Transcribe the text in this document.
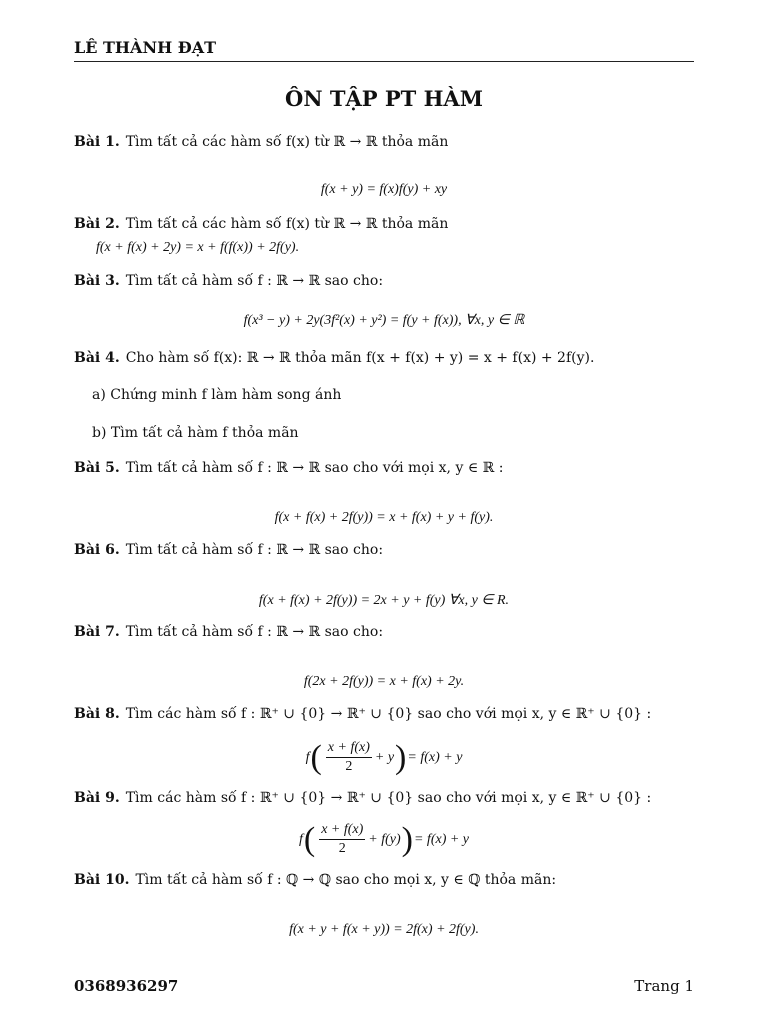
LÊ THÀNH ĐẠT
ÔN TẬP PT HÀM
Bài 1. Tìm tất cả các hàm số f(x) từ ℝ → ℝ thỏa mãn
f(x + y) = f(x)f(y) + xy
Bài 2. Tìm tất cả các hàm số f(x) từ ℝ → ℝ thỏa mãn
f(x + f(x) + 2y) = x + f(f(x)) + 2f(y).
Bài 3. Tìm tất cả hàm số f : ℝ → ℝ sao cho:
f(x³ − y) + 2y(3f²(x) + y²) = f(y + f(x)), ∀x, y ∈ ℝ
Bài 4. Cho hàm số f(x): ℝ → ℝ thỏa mãn f(x + f(x) + y) = x + f(x) + 2f(y).
a) Chứng minh f làm hàm song ánh
b) Tìm tất cả hàm f thỏa mãn
Bài 5. Tìm tất cả hàm số f : ℝ → ℝ sao cho với mọi x, y ∈ ℝ :
f(x + f(x) + 2f(y)) = x + f(x) + y + f(y).
Bài 6. Tìm tất cả hàm số f : ℝ → ℝ sao cho:
f(x + f(x) + 2f(y)) = 2x + y + f(y) ∀x, y ∈ R.
Bài 7. Tìm tất cả hàm số f : ℝ → ℝ sao cho:
f(2x + 2f(y)) = x + f(x) + 2y.
Bài 8. Tìm các hàm số f : ℝ⁺ ∪ {0} → ℝ⁺ ∪ {0} sao cho với mọi x, y ∈ ℝ⁺ ∪ {0} :
f ( $\frac{x + f(x)}{2} + y$ ) = f(x) + y
Bài 9. Tìm các hàm số f : ℝ⁺ ∪ {0} → ℝ⁺ ∪ {0} sao cho với mọi x, y ∈ ℝ⁺ ∪ {0} :
f ( $\frac{x + f(x)}{2} + f(y)$ ) = f(x) + y
Bài 10. Tìm tất cả hàm số f : ℚ → ℚ sao cho mọi x, y ∈ ℚ thỏa mãn:
f(x + y + f(x + y)) = 2f(x) + 2f(y).
0368936297	Trang 1
